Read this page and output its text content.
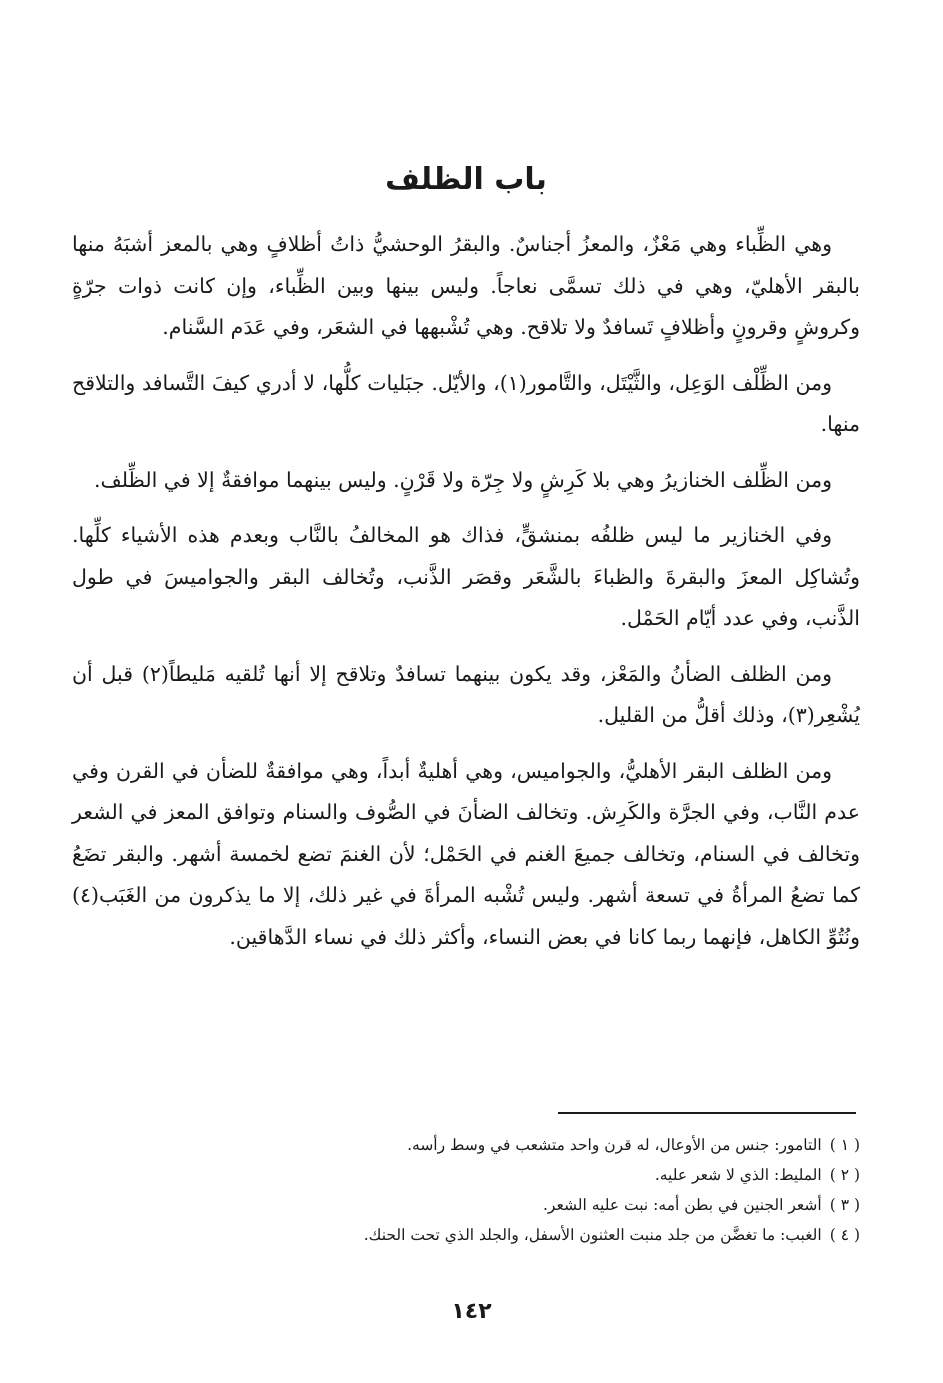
باب الظلف

وهي الظِّباء وهي مَعْزٌ، والمعزُ أجناسٌ. والبقرُ الوحشيُّ ذاتُ أظلافٍ وهي بالمعز أشبَهُ منها بالبقر الأهليّ، وهي في ذلك تسمَّى نعاجاً. وليس بينها وبين الظِّباء، وإن كانت ذوات جرّةٍ وكروشٍ وقرونٍ وأظلافٍ تَسافدٌ ولا تلاقح. وهي تُشْبهها في الشعَر، وفي عَدَم السَّنام.

ومن الظِّلْف الوَعِل، والثَّيْتَل، والتَّامور(١)، والأيّل. جبَليات كلُّها، لا أدري كيفَ التَّسافد والتلاقح منها.

ومن الظِّلف الخنازيرُ وهي بلا كَرِشٍ ولا جِرّة ولا قَرْنٍ. وليس بينهما موافقةٌ إلا في الظِّلف.

وفي الخنازير ما ليس ظلفُه بمنشقٍّ، فذاك هو المخالفُ بالنَّاب وبعدم هذه الأشياء كلِّها. وتُشاكِل المعزَ والبقرةَ والظباءَ بالشَّعَر وقصَر الذَّنب، وتُخالف البقر والجواميسَ في طول الذَّنب، وفي عدد أيّام الحَمْل.

ومن الظلف الضأنُ والمَعْز، وقد يكون بينهما تسافدٌ وتلاقح إلا أنها تُلقيه مَليطاً(٢) قبل أن يُشْعِر(٣)، وذلك أقلُّ من القليل.

ومن الظلف البقر الأهليُّ، والجواميس، وهي أهليةٌ أبداً، وهي موافقةٌ للضأن في القرن وفي عدم النَّاب، وفي الجرَّة والكَرِش. وتخالف الضأنَ في الصُّوف والسنام وتوافق المعز في الشعر وتخالف في السنام، وتخالف جميعَ الغنم في الحَمْل؛ لأن الغنمَ تضع لخمسة أشهر. والبقر تضَعُ كما تضعُ المرأةُ في تسعة أشهر. وليس تُشْبه المرأةَ في غير ذلك، إلا ما يذكرون من الغَبَب(٤) ونُتُوِّ الكاهل، فإنهما ربما كانا في بعض النساء، وأكثر ذلك في نساء الدَّهاقين.

( ١ )التامور: جنس من الأوعال، له قرن واحد متشعب في وسط رأسه.

( ٢ )المليط: الذي لا شعر عليه.

( ٣ )أشعر الجنين في بطن أمه: نبت عليه الشعر.

( ٤ )الغبب: ما تغضَّن من جلد منبت العثنون الأسفل، والجلد الذي تحت الحنك.

١٤٢
